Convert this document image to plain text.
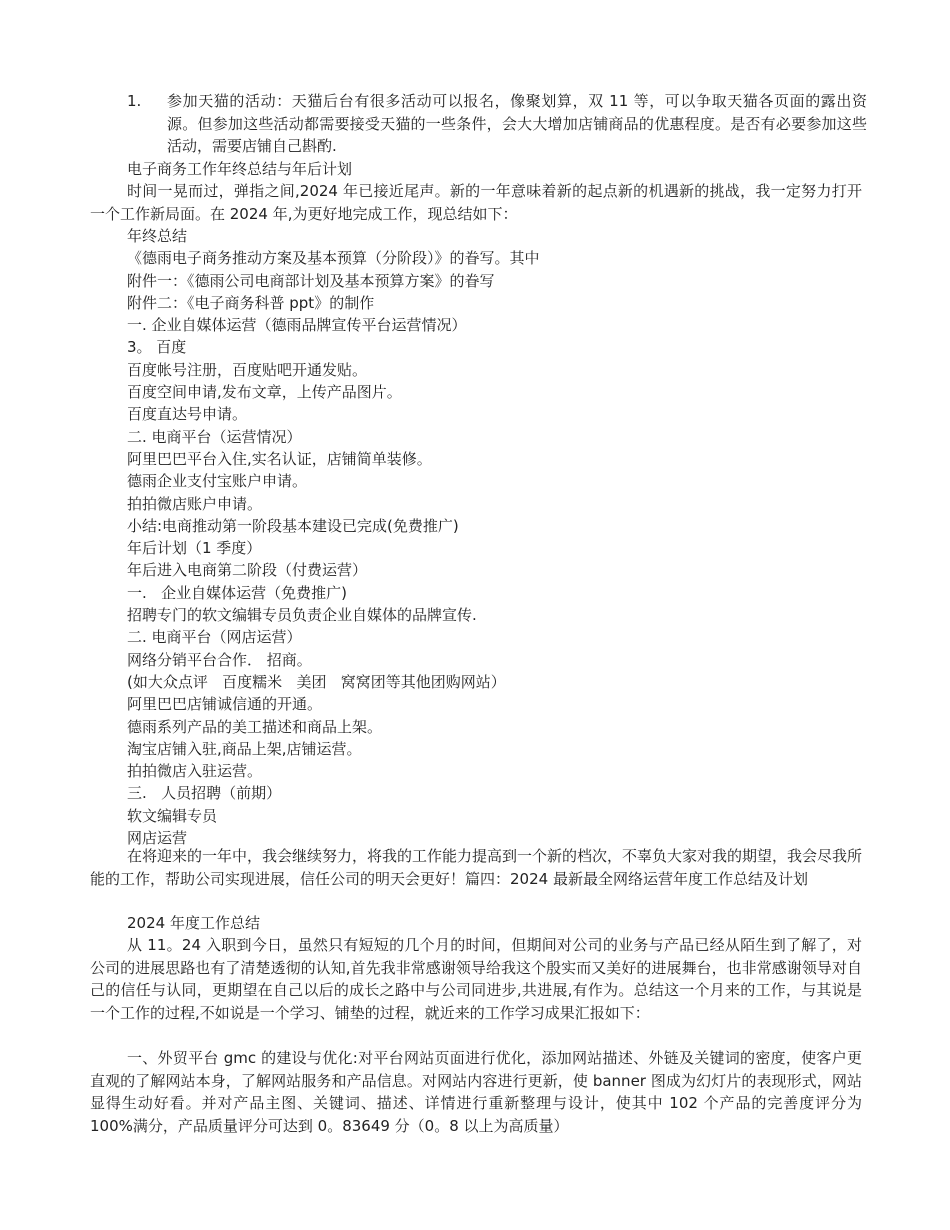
1. 参加天猫的活动：天猫后台有很多活动可以报名，像聚划算，双 11 等，可以争取天猫各页面的露出资源。但参加这些活动都需要接受天猫的一些条件，会大大增加店铺商品的优惠程度。是否有必要参加这些活动，需要店铺自己斟酌.
电子商务工作年终总结与年后计划
时间一晃而过，弹指之间,2024 年已接近尾声。新的一年意味着新的起点新的机遇新的挑战，我一定努力打开一个工作新局面。在 2024 年,为更好地完成工作，现总结如下：
年终总结
《德雨电子商务推动方案及基本预算（分阶段）》的眷写。其中
附件一：《德雨公司电商部计划及基本预算方案》的眷写
附件二：《电子商务科普 ppt》的制作
一. 企业自媒体运营（德雨品牌宣传平台运营情况）
3。 百度
百度帐号注册，百度贴吧开通发贴。
百度空间申请,发布文章，上传产品图片。
百度直达号申请。
二. 电商平台（运营情况）
阿里巴巴平台入住,实名认证，店铺简单装修。
德雨企业支付宝账户申请。
拍拍微店账户申请。
小结:电商推动第一阶段基本建设已完成(免费推广)
年后计划（1 季度）
年后进入电商第二阶段（付费运营）
一.   企业自媒体运营（免费推广)
招聘专门的软文编辑专员负责企业自媒体的品牌宣传.
二. 电商平台（网店运营）
网络分销平台合作． 招商。
(如大众点评   百度糯米   美团   窝窝团等其他团购网站）
阿里巴巴店铺诚信通的开通。
德雨系列产品的美工描述和商品上架。
淘宝店铺入驻,商品上架,店铺运营。
拍拍微店入驻运营。
三.   人员招聘（前期）
软文编辑专员
网店运营
在将迎来的一年中，我会继续努力，将我的工作能力提高到一个新的档次，不辜负大家对我的期望，我会尽我所能的工作，帮助公司实现进展，信任公司的明天会更好！篇四：2024 最新最全网络运营年度工作总结及计划
2024 年度工作总结
从 11。24 入职到今日，虽然只有短短的几个月的时间，但期间对公司的业务与产品已经从陌生到了解了，对公司的进展思路也有了清楚透彻的认知,首先我非常感谢领导给我这个殷实而又美好的进展舞台，也非常感谢领导对自己的信任与认同，更期望在自己以后的成长之路中与公司同进步,共进展,有作为。总结这一个月来的工作，与其说是一个工作的过程,不如说是一个学习、铺垫的过程，就近来的工作学习成果汇报如下：
一、外贸平台 gmc 的建设与优化:对平台网站页面进行优化，添加网站描述、外链及关键词的密度，使客户更直观的了解网站本身，了解网站服务和产品信息。对网站内容进行更新，使 banner 图成为幻灯片的表现形式，网站显得生动好看。并对产品主图、关键词、描述、详情进行重新整理与设计，使其中 102 个产品的完善度评分为 100%满分，产品质量评分可达到 0。83649 分（0。8 以上为高质量）
